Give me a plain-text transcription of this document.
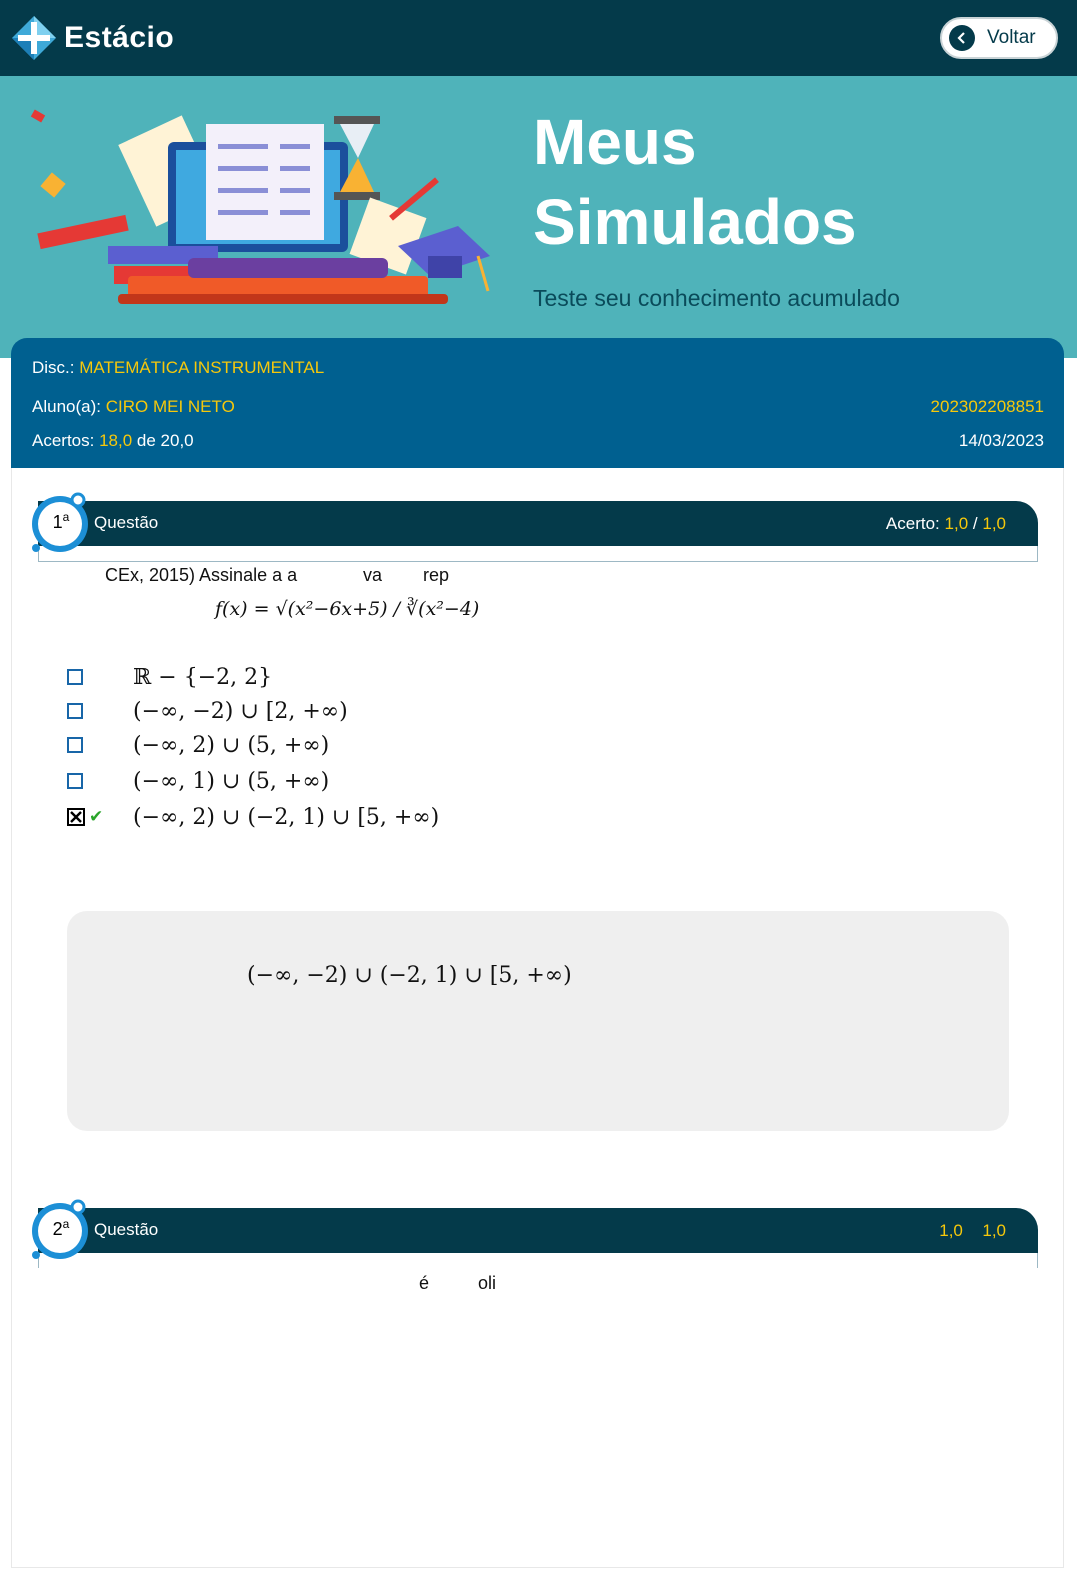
Estácio	Voltar
Meus
Simulados
Teste seu conhecimento acumulado
Disc.: MATEMÁTICA INSTRUMENTAL
Aluno(a): CIRO MEI NETO	202302208851
Acertos: 18,0 de 20,0	14/03/2023
Questão	Acerto: 1,0 / 1,0
1$^a$
CEx, 2015) Assinale a a	va rep
f(x) = √(x²−6x+5) / ∛(x²−4)
ℝ − {−2, 2}
(−∞, −2) ∪ [2, +∞)
(−∞, 2) ∪ (5, +∞)
(−∞, 1) ∪ (5, +∞)
✔ (−∞, 2) ∪ (−2, 1) ∪ [5, +∞)
(−∞, −2) ∪ (−2, 1) ∪ [5, +∞)
Questão	1,0 1,0
2$^a$
é	oli
